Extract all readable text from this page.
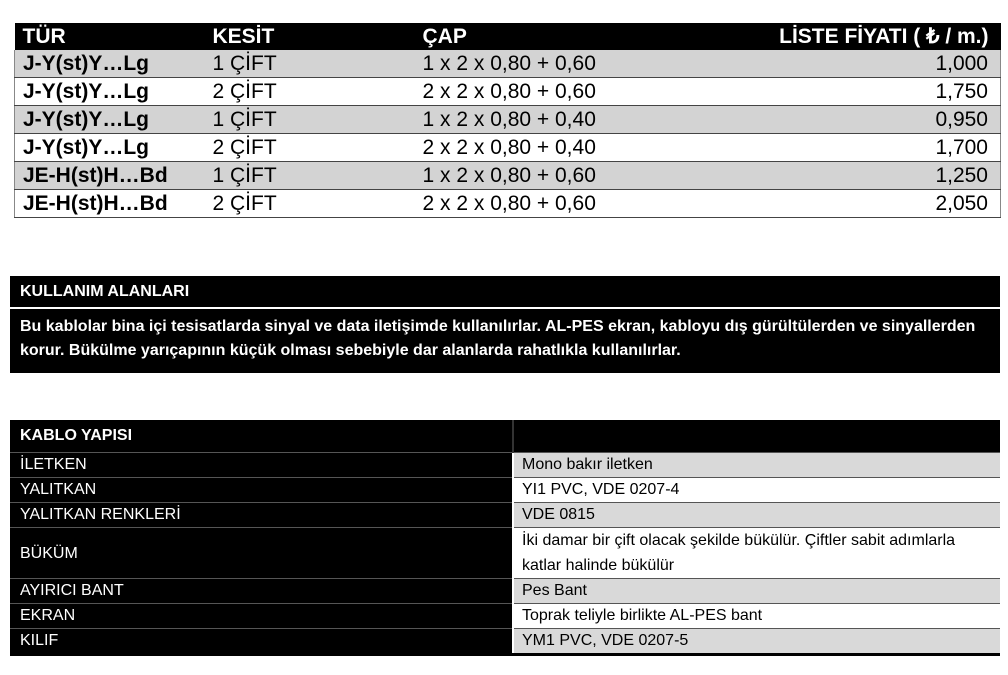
TÜR	KESİT	ÇAP	LİSTE FİYATI ( ₺ / m.)
J-Y(st)Y…Lg	1 ÇİFT	1 x 2 x 0,80 + 0,60	1,000
J-Y(st)Y…Lg	2 ÇİFT	2 x 2 x 0,80 + 0,60	1,750
J-Y(st)Y…Lg	1 ÇİFT	1 x 2 x 0,80 + 0,40	0,950
J-Y(st)Y…Lg	2 ÇİFT	2 x 2 x 0,80 + 0,40	1,700
JE-H(st)H…Bd	1 ÇİFT	1 x 2 x 0,80 + 0,60	1,250
JE-H(st)H…Bd	2 ÇİFT	2 x 2 x 0,80 + 0,60	2,050
KULLANIM ALANLARI
Bu kablolar bina içi tesisatlarda sinyal ve data iletişimde kullanılırlar. AL-PES ekran, kabloyu dış gürültülerden ve sinyallerden korur. Bükülme yarıçapının küçük olması sebebiyle dar alanlarda rahatlıkla kullanılırlar.
KABLO YAPISI	
İLETKEN	Mono bakır iletken
YALITKAN	YI1 PVC, VDE 0207-4
YALITKAN RENKLERİ	VDE 0815
BÜKÜM	İki damar bir çift olacak şekilde bükülür. Çiftler sabit adımlarla katlar halinde bükülür
AYIRICI BANT	Pes Bant
EKRAN	Toprak teliyle birlikte AL-PES bant
KILIF	YM1 PVC, VDE 0207-5
